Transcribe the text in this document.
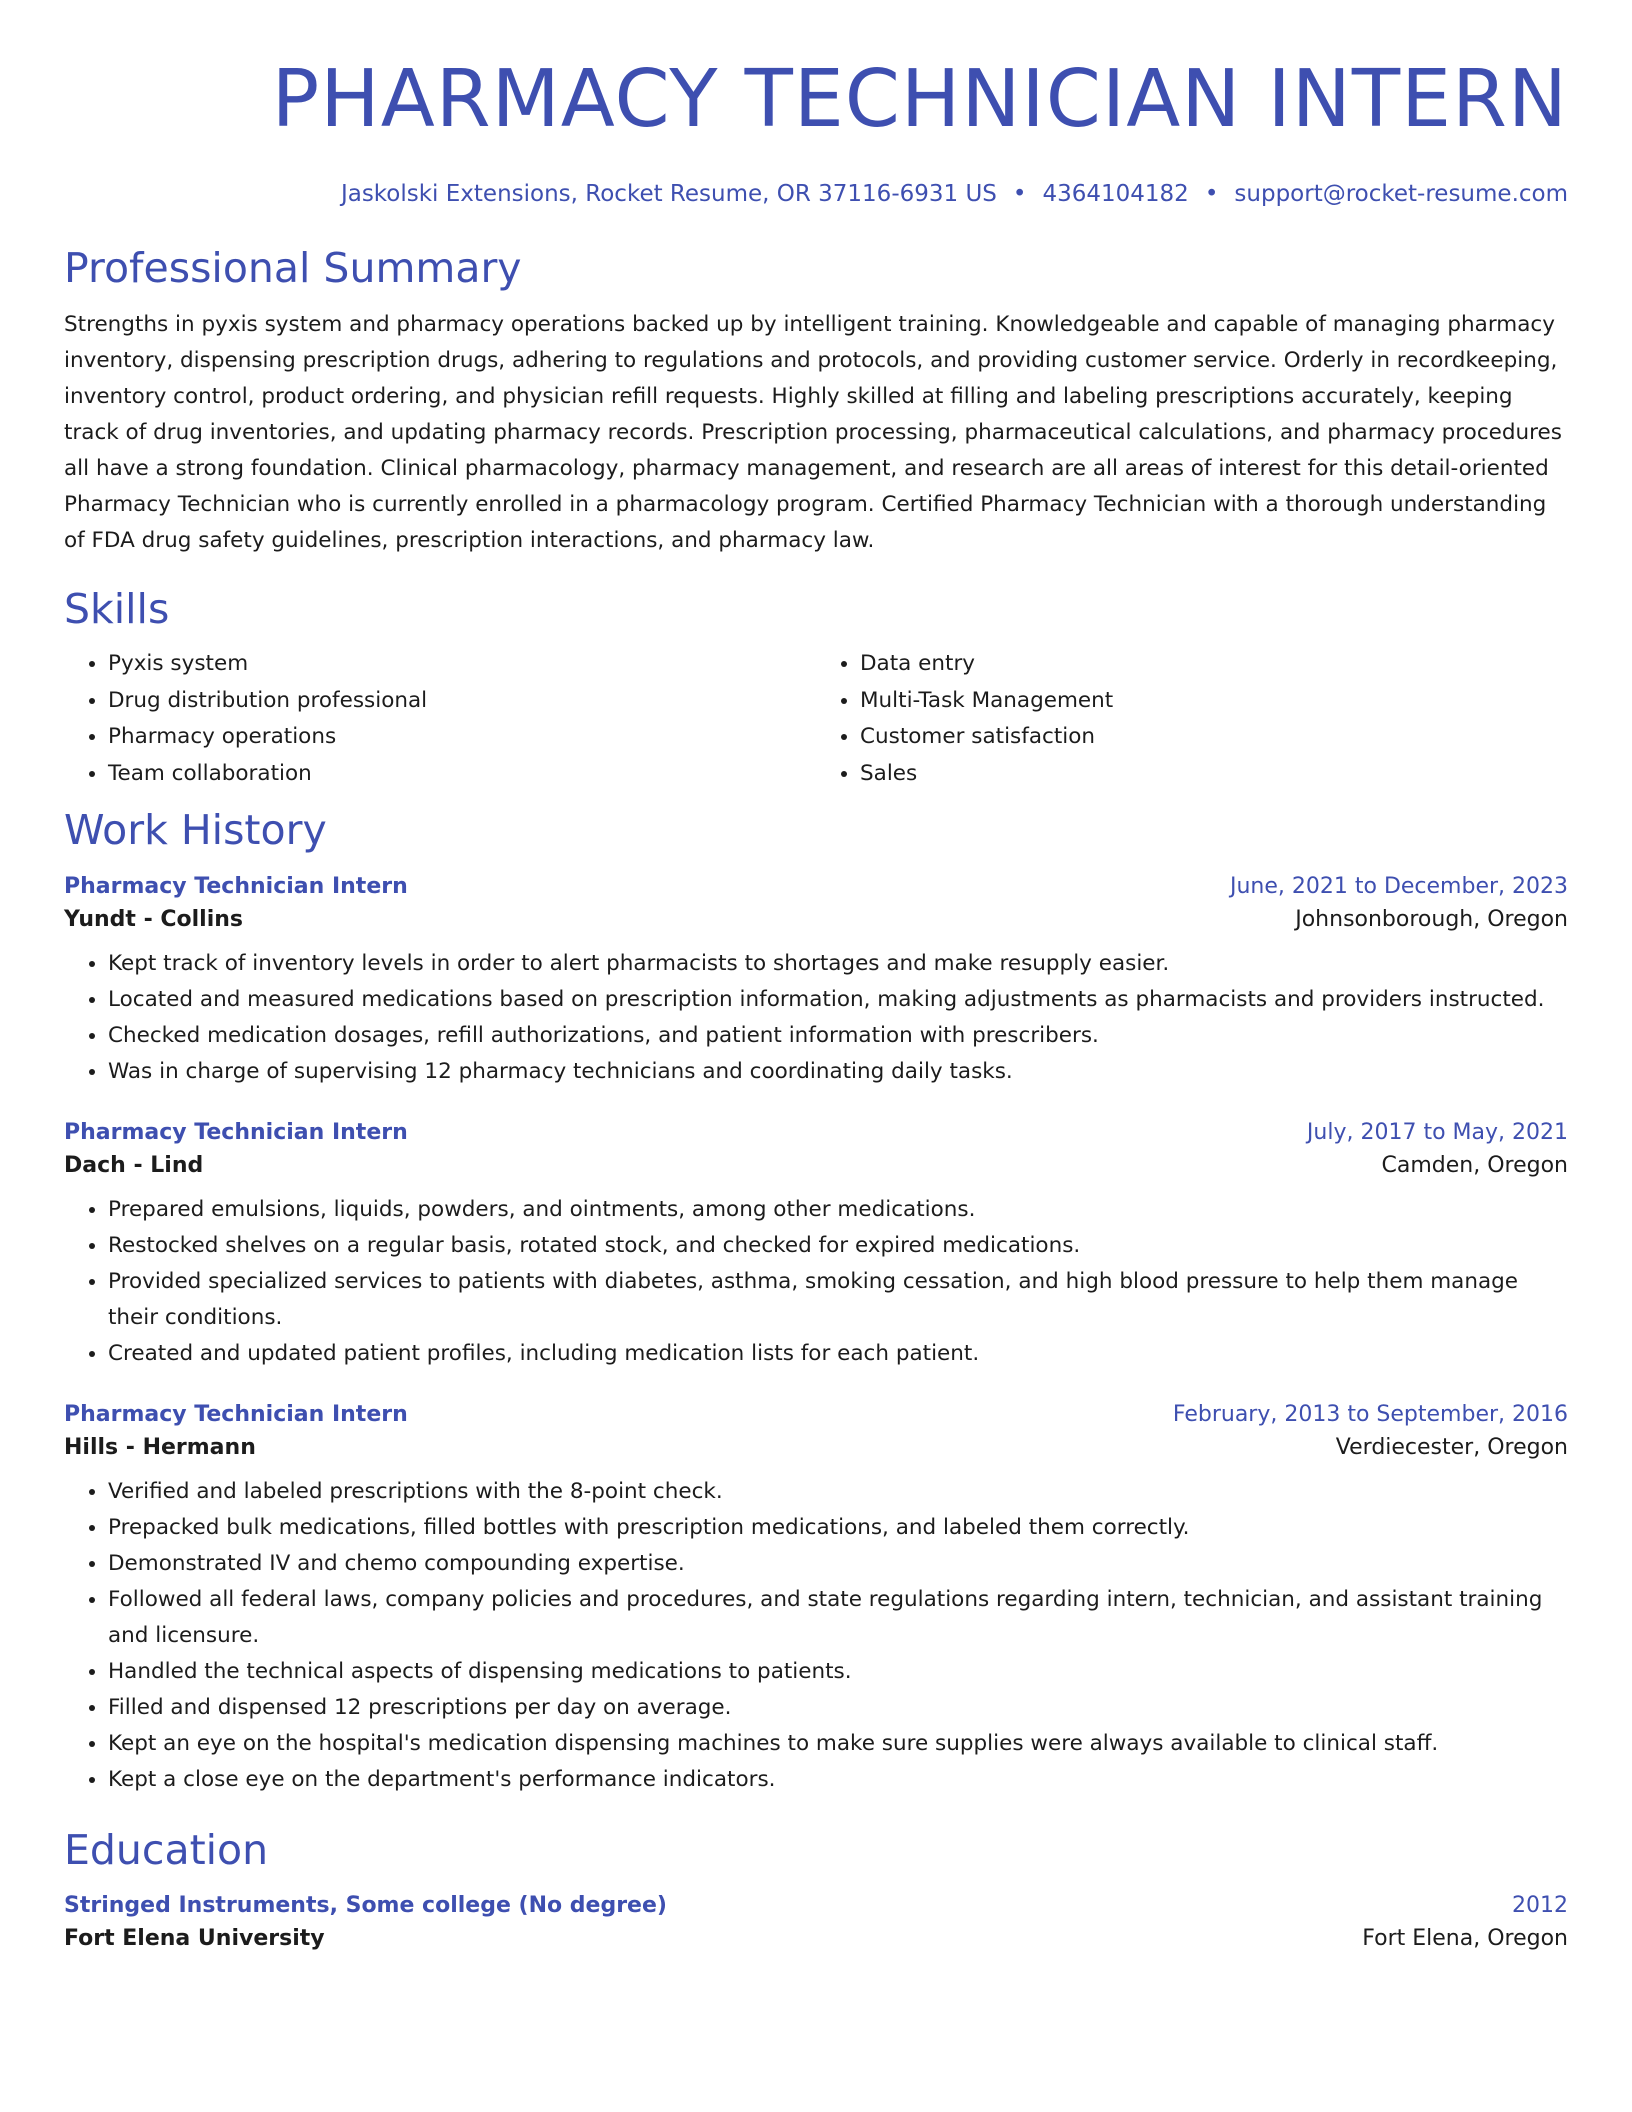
PHARMACY TECHNICIAN INTERN
Jaskolski Extensions, Rocket Resume, OR 37116-6931 US • 4364104182 • support@rocket-resume.com
Professional Summary

Strengths in pyxis system and pharmacy operations backed up by intelligent training. Knowledgeable and capable of managing pharmacy inventory, dispensing prescription drugs, adhering to regulations and protocols, and providing customer service. Orderly in recordkeeping, inventory control, product ordering, and physician refill requests. Highly skilled at filling and labeling prescriptions accurately, keeping track of drug inventories, and updating pharmacy records. Prescription processing, pharmaceutical calculations, and pharmacy procedures all have a strong foundation. Clinical pharmacology, pharmacy management, and research are all areas of interest for this detail-oriented Pharmacy Technician who is currently enrolled in a pharmacology program. Certified Pharmacy Technician with a thorough understanding of FDA drug safety guidelines, prescription interactions, and pharmacy law.

Skills
• Pyxis system
• Drug distribution professional
• Pharmacy operations
• Team collaboration
• Data entry
• Multi-Task Management
• Customer satisfaction
• Sales
Work History
Pharmacy Technician Intern	June, 2021 to December, 2023
Yundt - Collins	Johnsonborough, Oregon
• Kept track of inventory levels in order to alert pharmacists to shortages and make resupply easier.
• Located and measured medications based on prescription information, making adjustments as pharmacists and providers instructed.
• Checked medication dosages, refill authorizations, and patient information with prescribers.
• Was in charge of supervising 12 pharmacy technicians and coordinating daily tasks.
Pharmacy Technician Intern	July, 2017 to May, 2021
Dach - Lind	Camden, Oregon
• Prepared emulsions, liquids, powders, and ointments, among other medications.
• Restocked shelves on a regular basis, rotated stock, and checked for expired medications.
• Provided specialized services to patients with diabetes, asthma, smoking cessation, and high blood pressure to help them manage their conditions.
• Created and updated patient profiles, including medication lists for each patient.
Pharmacy Technician Intern	February, 2013 to September, 2016
Hills - Hermann	Verdiecester, Oregon
• Verified and labeled prescriptions with the 8-point check.
• Prepacked bulk medications, filled bottles with prescription medications, and labeled them correctly.
• Demonstrated IV and chemo compounding expertise.
• Followed all federal laws, company policies and procedures, and state regulations regarding intern, technician, and assistant training and licensure.
• Handled the technical aspects of dispensing medications to patients.
• Filled and dispensed 12 prescriptions per day on average.
• Kept an eye on the hospital's medication dispensing machines to make sure supplies were always available to clinical staff.
• Kept a close eye on the department's performance indicators.
Education
Stringed Instruments, Some college (No degree)	2012
Fort Elena University	Fort Elena, Oregon
